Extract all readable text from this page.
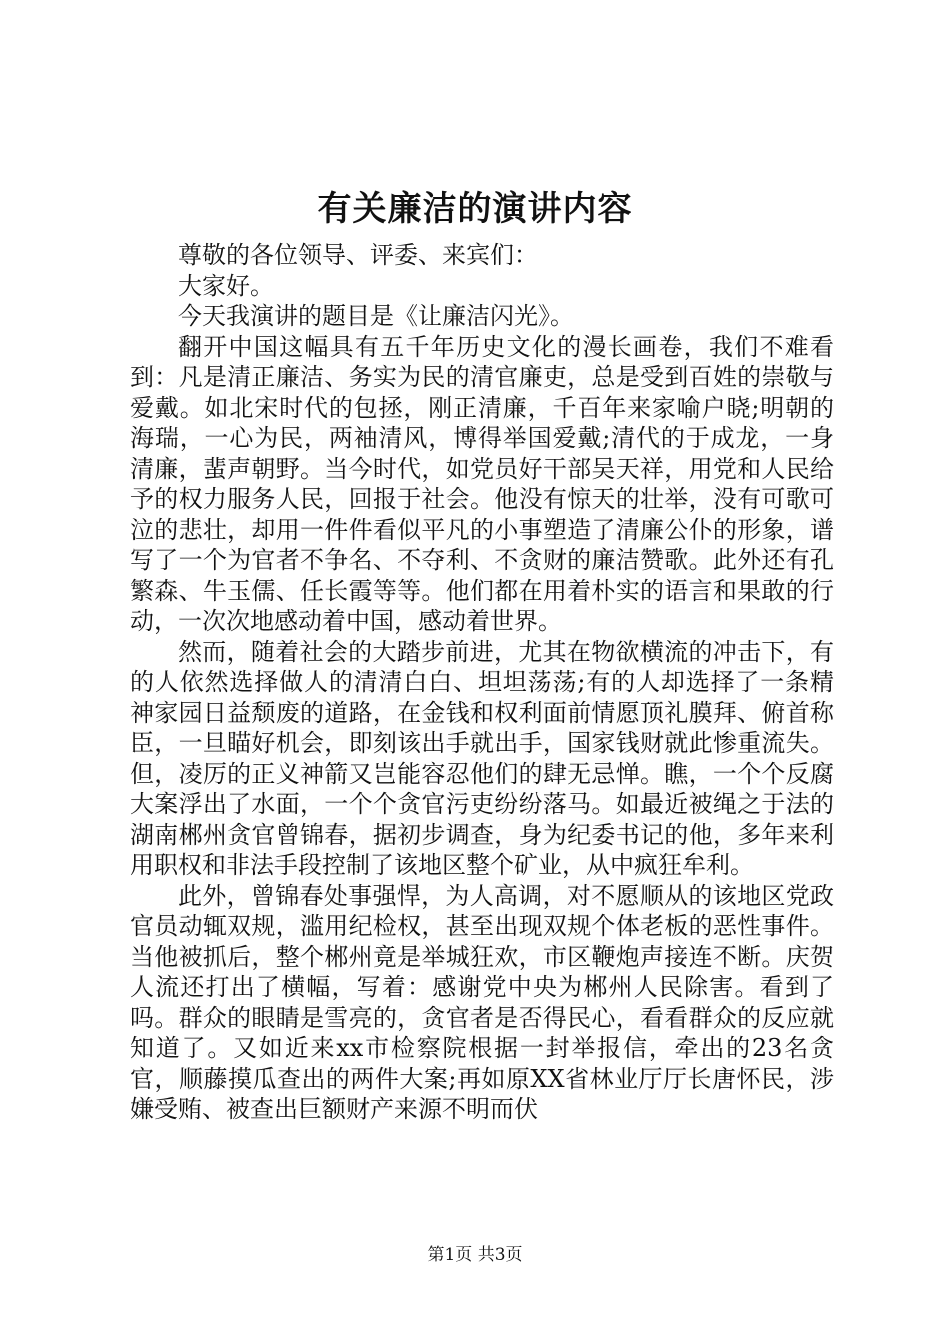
有关廉洁的演讲内容

尊敬的各位领导、评委、来宾们：

大家好。

今天我演讲的题目是《让廉洁闪光》。

翻开中国这幅具有五千年历史文化的漫长画卷，我们不难看到：凡是清正廉洁、务实为民的清官廉吏，总是受到百姓的崇敬与爱戴。如北宋时代的包拯，刚正清廉，千百年来家喻户晓;明朝的海瑞，一心为民，两袖清风，博得举国爱戴;清代的于成龙，一身清廉，蜚声朝野。当今时代，如党员好干部吴天祥，用党和人民给予的权力服务人民，回报于社会。他没有惊天的壮举，没有可歌可泣的悲壮，却用一件件看似平凡的小事塑造了清廉公仆的形象，谱写了一个为官者不争名、不夺利、不贪财的廉洁赞歌。此外还有孔繁森、牛玉儒、任长霞等等。他们都在用着朴实的语言和果敢的行动，一次次地感动着中国，感动着世界。

然而，随着社会的大踏步前进，尤其在物欲横流的冲击下，有的人依然选择做人的清清白白、坦坦荡荡;有的人却选择了一条精神家园日益颓废的道路，在金钱和权利面前情愿顶礼膜拜、俯首称臣，一旦瞄好机会，即刻该出手就出手，国家钱财就此惨重流失。但，凌厉的正义神箭又岂能容忍他们的肆无忌惮。瞧，一个个反腐大案浮出了水面，一个个贪官污吏纷纷落马。如最近被绳之于法的湖南郴州贪官曾锦春，据初步调查，身为纪委书记的他，多年来利用职权和非法手段控制了该地区整个矿业，从中疯狂牟利。

此外，曾锦春处事强悍，为人高调，对不愿顺从的该地区党政官员动辄双规，滥用纪检权，甚至出现双规个体老板的恶性事件。当他被抓后，整个郴州竟是举城狂欢，市区鞭炮声接连不断。庆贺人流还打出了横幅，写着：感谢党中央为郴州人民除害。看到了吗。群众的眼睛是雪亮的，贪官者是否得民心，看看群众的反应就知道了。又如近来xx市检察院根据一封举报信，牵出的23名贪官，顺藤摸瓜查出的两件大案;再如原XX省林业厅厅长唐怀民，涉嫌受贿、被查出巨额财产来源不明而伏

第1页 共3页
